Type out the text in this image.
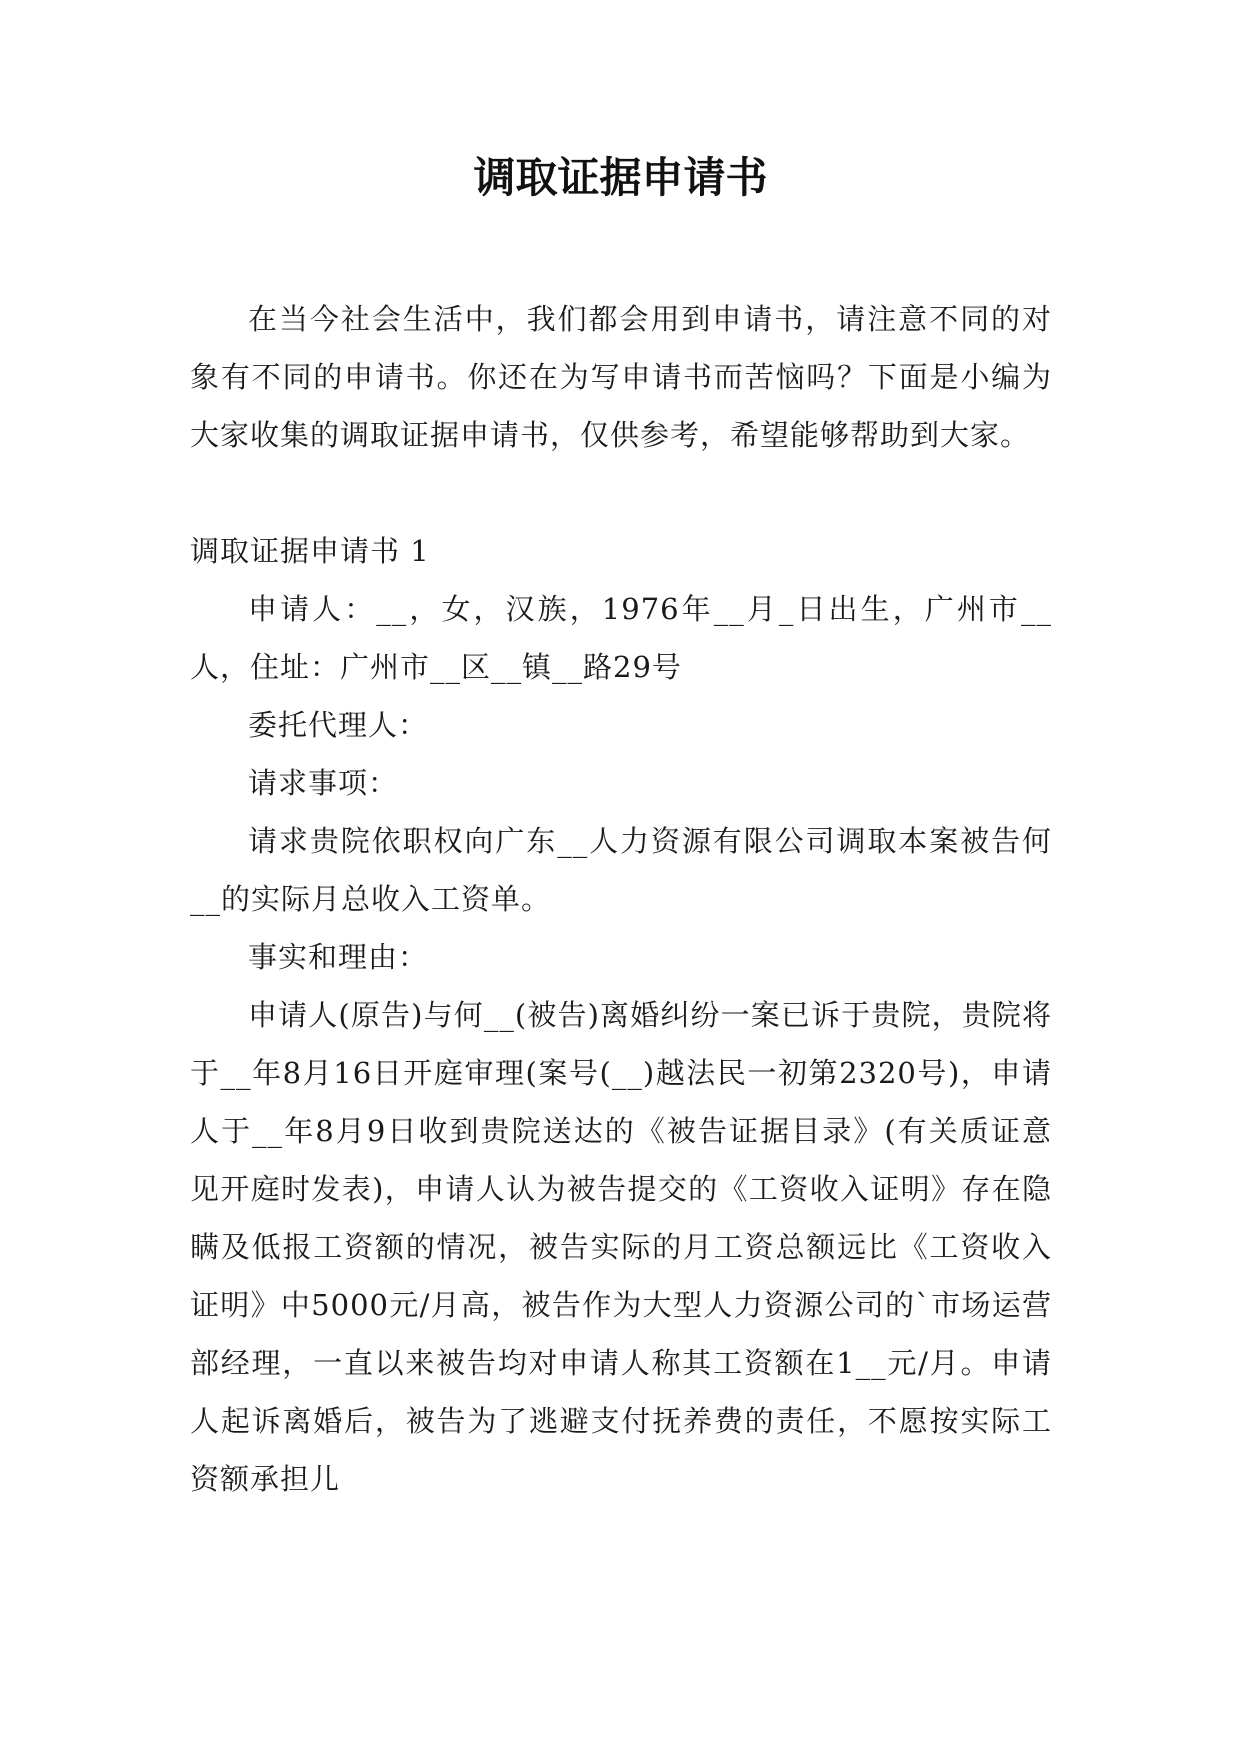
调取证据申请书

在当今社会生活中，我们都会用到申请书，请注意不同的对象有不同的申请书。你还在为写申请书而苦恼吗？下面是小编为大家收集的调取证据申请书，仅供参考，希望能够帮助到大家。

调取证据申请书 1

申请人：__，女，汉族，1976年__月_日出生，广州市__人，住址：广州市__区__镇__路29号

委托代理人：

请求事项：

请求贵院依职权向广东__人力资源有限公司调取本案被告何__的实际月总收入工资单。

事实和理由：

申请人(原告)与何__(被告)离婚纠纷一案已诉于贵院，贵院将于__年8月16日开庭审理(案号(__)越法民一初第2320号)，申请人于__年8月9日收到贵院送达的《被告证据目录》(有关质证意见开庭时发表)，申请人认为被告提交的《工资收入证明》存在隐瞒及低报工资额的情况，被告实际的月工资总额远比《工资收入证明》中5000元/月高，被告作为大型人力资源公司的`市场运营部经理，一直以来被告均对申请人称其工资额在1__元/月。申请人起诉离婚后，被告为了逃避支付抚养费的责任，不愿按实际工资额承担儿
